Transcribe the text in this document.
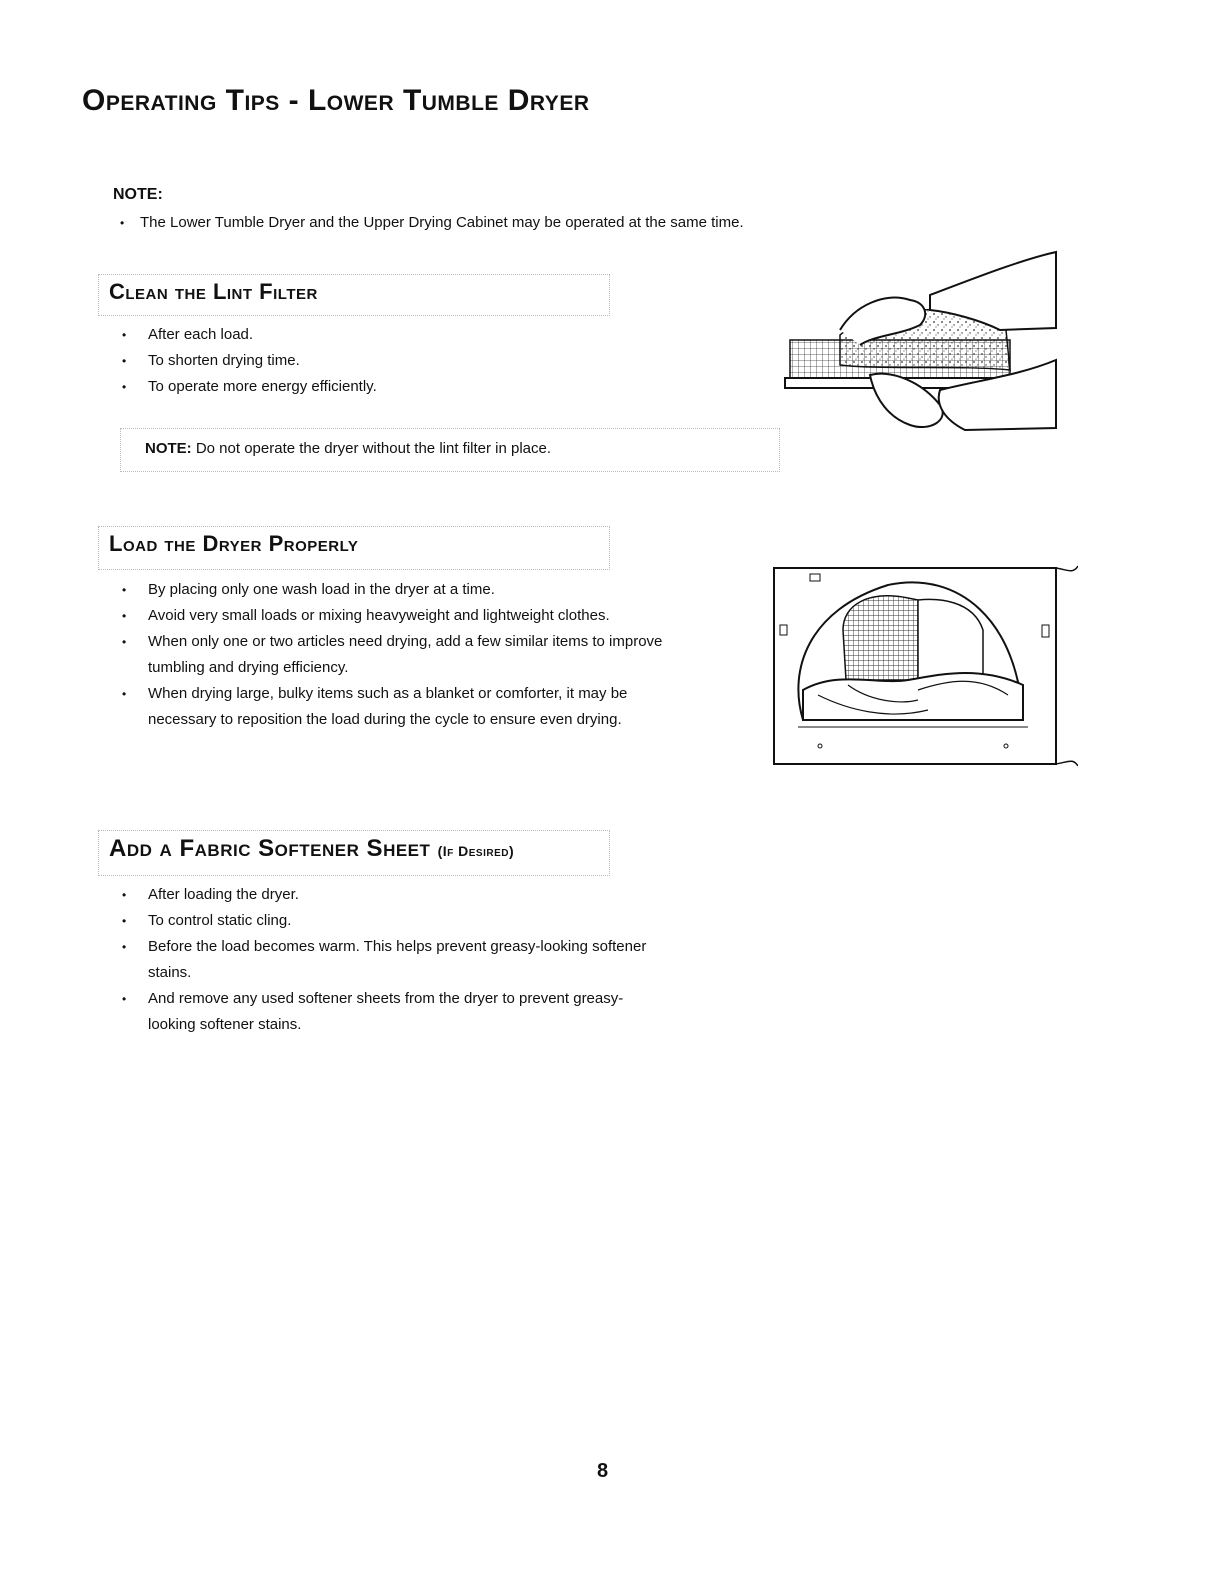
Operating Tips - Lower Tumble Dryer
NOTE:
• The Lower Tumble Dryer and the Upper Drying Cabinet may be operated at the same time.
Clean the Lint Filter
• After each load.
• To shorten drying time.
• To operate more energy efficiently.
NOTE: Do not operate the dryer without the lint filter in place.
Load the Dryer Properly
• By placing only one wash load in the dryer at a time.
• Avoid very small loads or mixing heavyweight and lightweight clothes.
• When only one or two articles need drying, add a few similar items to improve tumbling and drying efficiency.
• When drying large, bulky items such as a blanket or comforter, it may be necessary to reposition the load during the cycle to ensure even drying.
Add a Fabric Softener Sheet (If Desired)
• After loading the dryer.
• To control static cling.
• Before the load becomes warm. This helps prevent greasy-looking softener stains.
• And remove any used softener sheets from the dryer to prevent greasy-looking softener stains.
8
